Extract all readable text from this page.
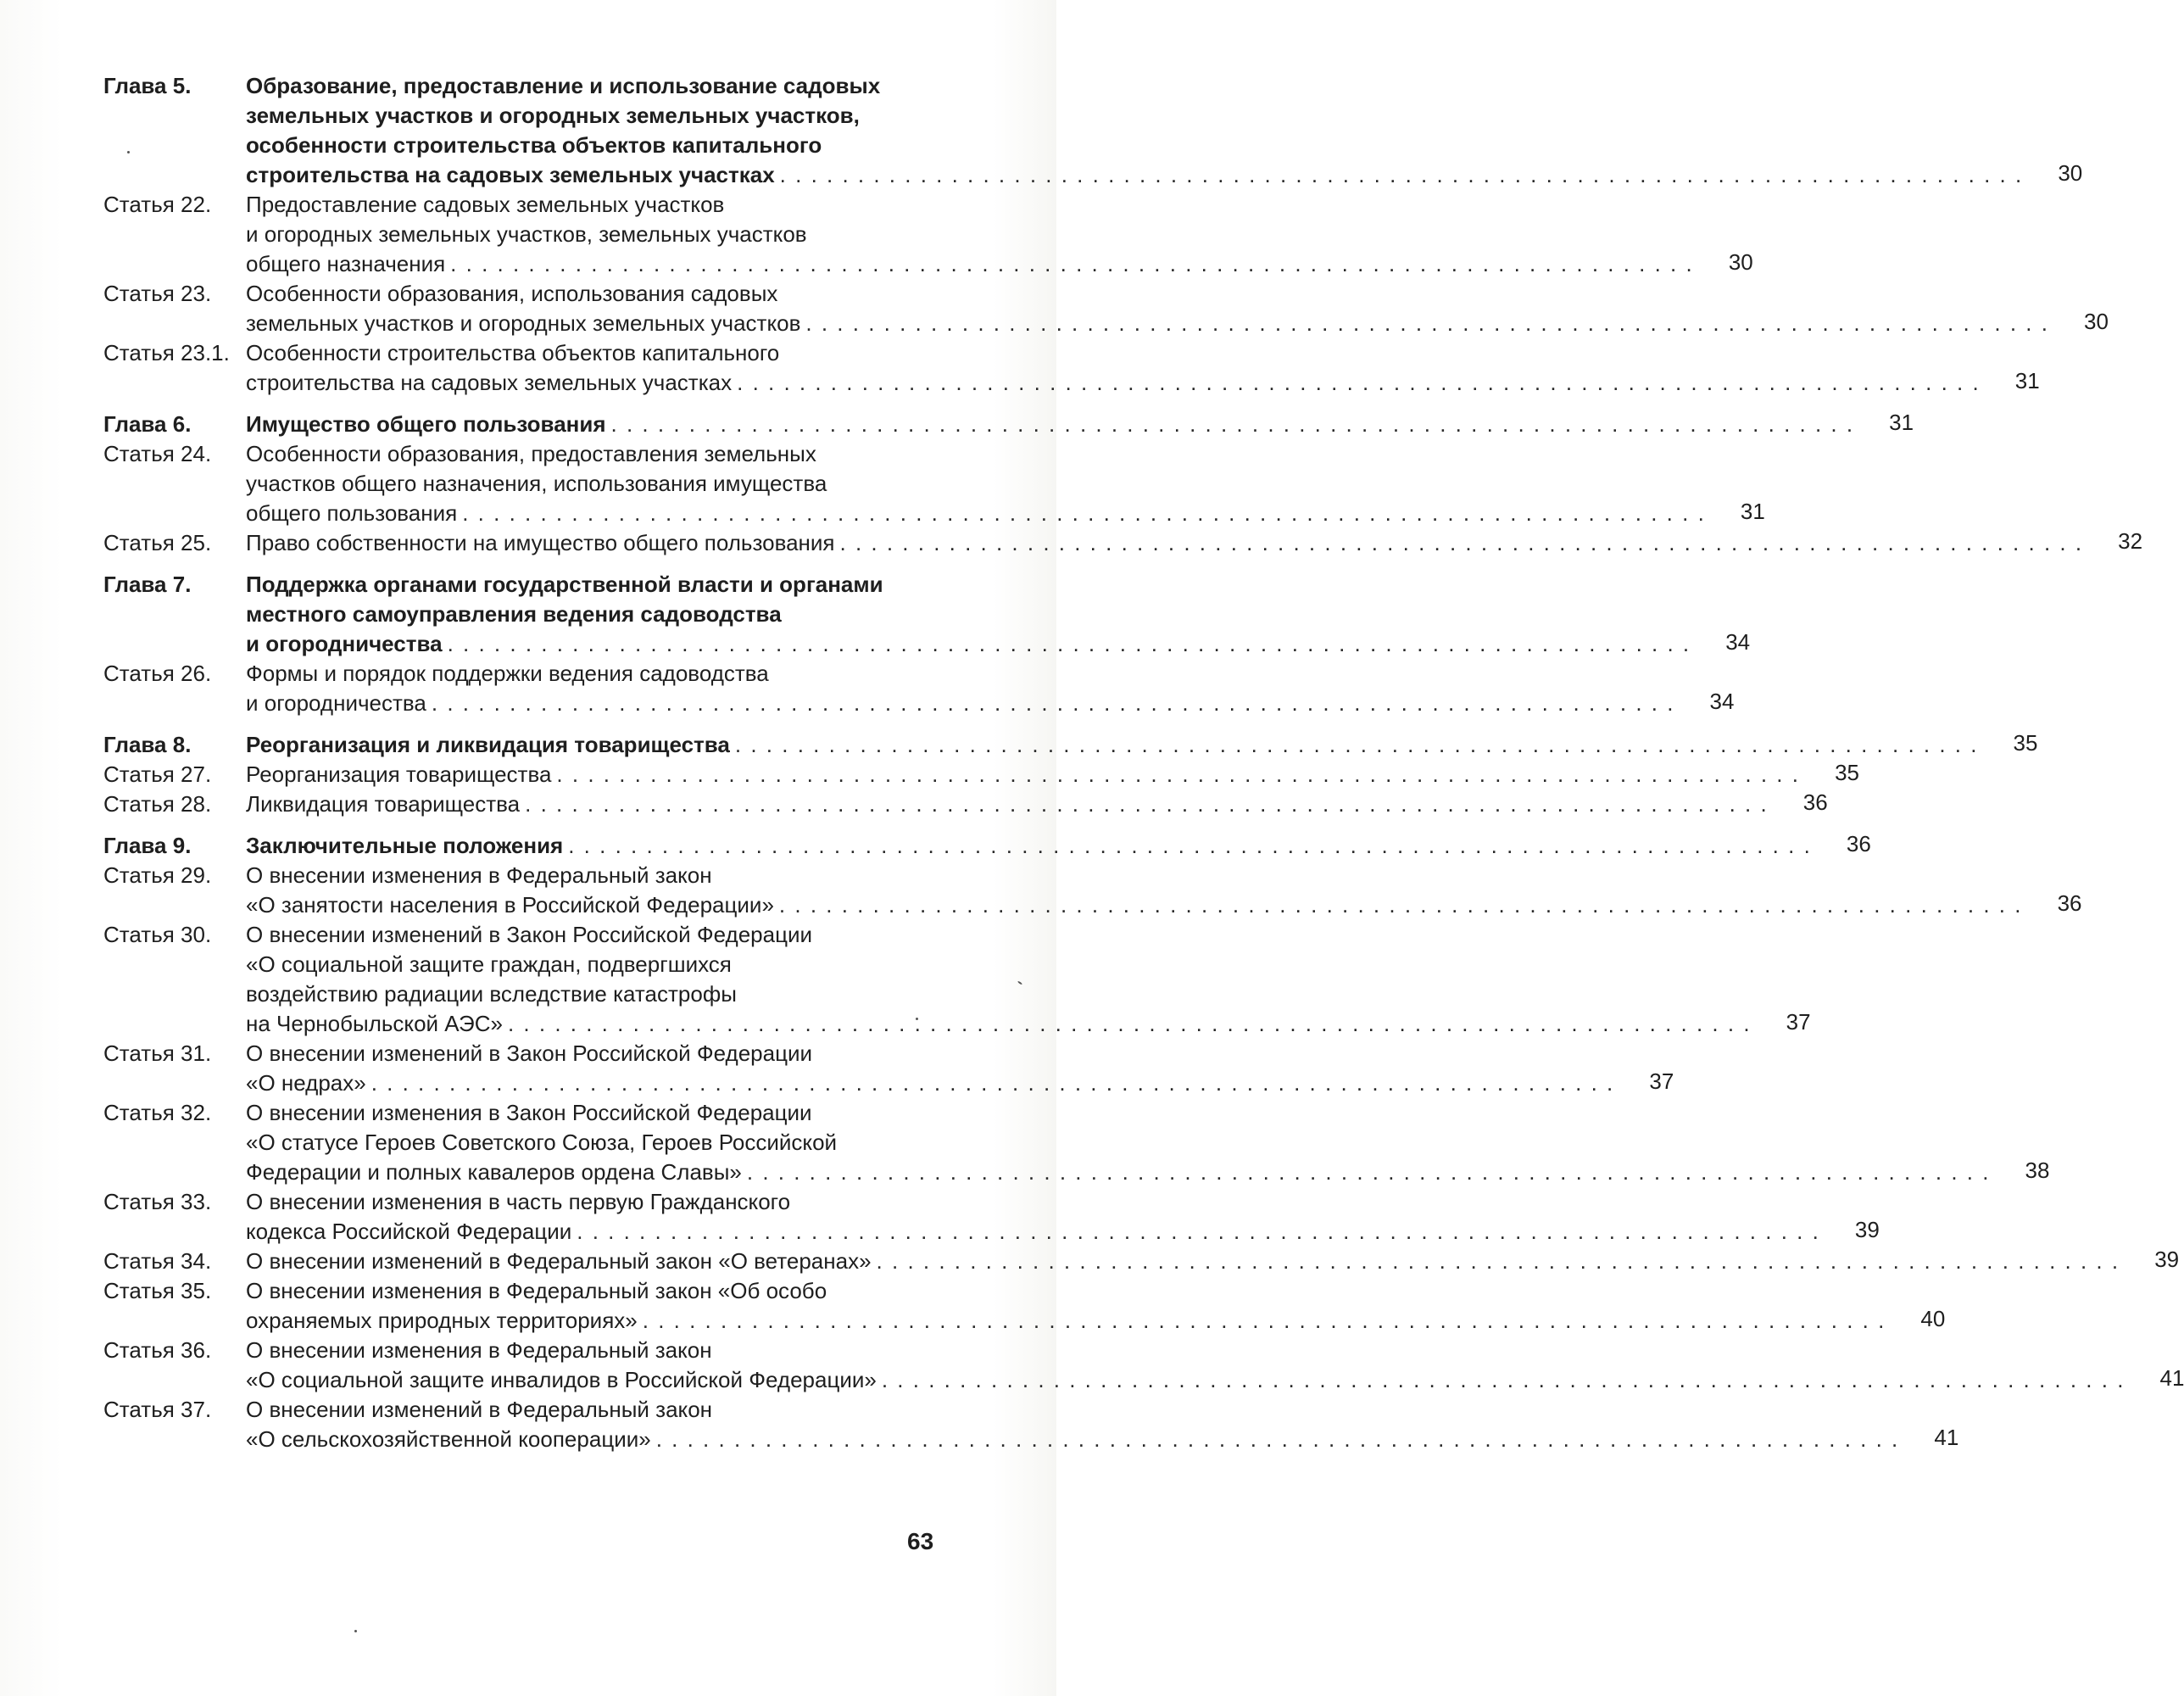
Глава 5.	Образование, предоставление и использование садовых
земельных участков и огородных земельных участков,
особенности строительства объектов капитального
строительства на садовых земельных участках . . .	30
Статья 22.	Предоставление садовых земельных участков
и огородных земельных участков, земельных участков
общего назначения . . .	30
Статья 23.	Особенности образования, использования садовых
земельных участков и огородных земельных участков . . .	30
Статья 23.1. Особенности строительства объектов капитального
строительства на садовых земельных участках . . .	31
Глава 6.	Имущество общего пользования . . .	31
Статья 24.	Особенности образования, предоставления земельных
участков общего назначения, использования имущества
общего пользования . . .	31
Статья 25.	Право собственности на имущество общего пользования . . .	32
Глава 7.	Поддержка органами государственной власти и органами
местного самоуправления ведения садоводства
и огородничества . . .	34
Статья 26.	Формы и порядок поддержки ведения садоводства
и огородничества . . .	34
Глава 8.	Реорганизация и ликвидация товарищества . . .	35
Статья 27.	Реорганизация товарищества . . .	35
Статья 28.	Ликвидация товарищества . . .	36
Глава 9.	Заключительные положения . . .	36
Статья 29.	О внесении изменения в Федеральный закон
«О занятости населения в Российской Федерации» . . .	36
Статья 30.	О внесении изменений в Закон Российской Федерации
«О социальной защите граждан, подвергшихся
воздействию радиации вследствие катастрофы
на Чернобыльской АЭС» . . .	37
Статья 31.	О внесении изменений в Закон Российской Федерации
«О недрах» . . .	37
Статья 32.	О внесении изменения в Закон Российской Федерации
«О статусе Героев Советского Союза, Героев Российской
Федерации и полных кавалеров ордена Славы» . . .	38
Статья 33.	О внесении изменения в часть первую Гражданского
кодекса Российской Федерации . . .	39
Статья 34.	О внесении изменений в Федеральный закон «О ветеранах» . . .	39
Статья 35.	О внесении изменения в Федеральный закон «Об особо
охраняемых природных территориях» . . .	40
Статья 36.	О внесении изменения в Федеральный закон
«О социальной защите инвалидов в Российской Федерации» . . .	41
Статья 37.	О внесении изменений в Федеральный закон
«О сельскохозяйственной кооперации» . . .	41
63
